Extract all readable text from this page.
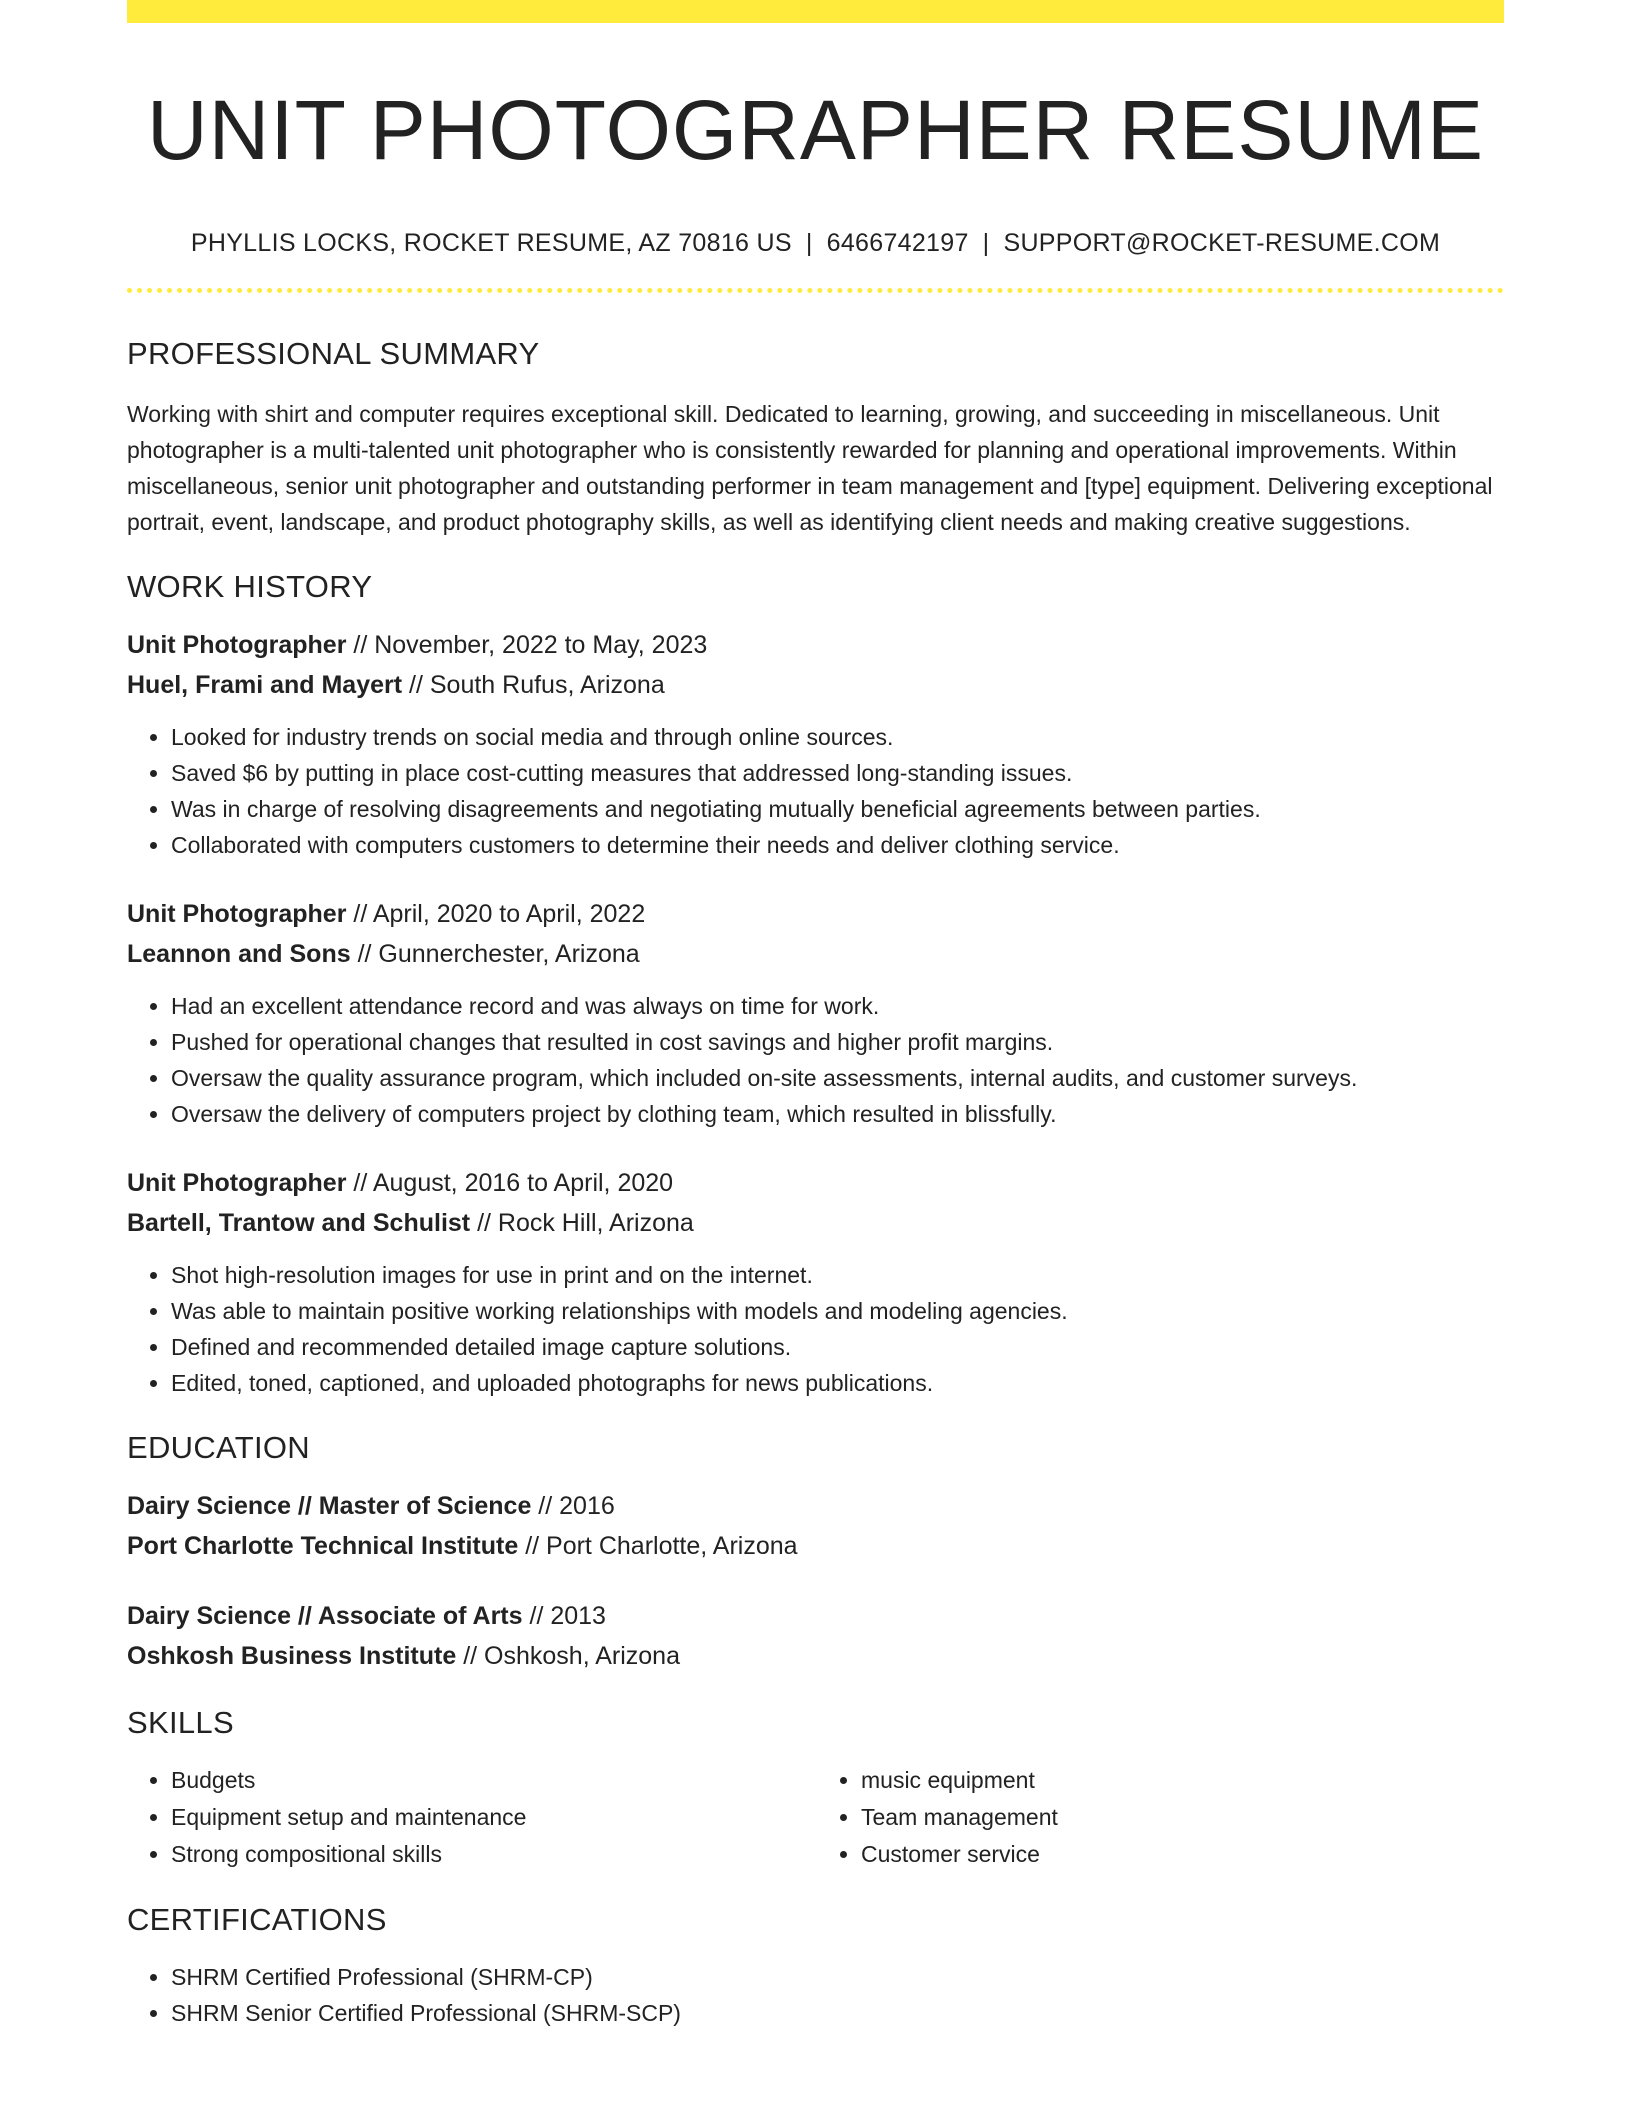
UNIT PHOTOGRAPHER RESUME
PHYLLIS LOCKS, ROCKET RESUME, AZ 70816 US | 6466742197 | SUPPORT@ROCKET-RESUME.COM
PROFESSIONAL SUMMARY

Working with shirt and computer requires exceptional skill. Dedicated to learning, growing, and succeeding in miscellaneous. Unit photographer is a multi-talented unit photographer who is consistently rewarded for planning and operational improvements. Within miscellaneous, senior unit photographer and outstanding performer in team management and [type] equipment. Delivering exceptional portrait, event, landscape, and product photography skills, as well as identifying client needs and making creative suggestions.

WORK HISTORY
Unit Photographer // November, 2022 to May, 2023
Huel, Frami and Mayert // South Rufus, Arizona
• Looked for industry trends on social media and through online sources.
• Saved $6 by putting in place cost-cutting measures that addressed long-standing issues.
• Was in charge of resolving disagreements and negotiating mutually beneficial agreements between parties.
• Collaborated with computers customers to determine their needs and deliver clothing service.
Unit Photographer // April, 2020 to April, 2022
Leannon and Sons // Gunnerchester, Arizona
• Had an excellent attendance record and was always on time for work.
• Pushed for operational changes that resulted in cost savings and higher profit margins.
• Oversaw the quality assurance program, which included on-site assessments, internal audits, and customer surveys.
• Oversaw the delivery of computers project by clothing team, which resulted in blissfully.
Unit Photographer // August, 2016 to April, 2020
Bartell, Trantow and Schulist // Rock Hill, Arizona
• Shot high-resolution images for use in print and on the internet.
• Was able to maintain positive working relationships with models and modeling agencies.
• Defined and recommended detailed image capture solutions.
• Edited, toned, captioned, and uploaded photographs for news publications.
EDUCATION
Dairy Science // Master of Science // 2016
Port Charlotte Technical Institute // Port Charlotte, Arizona
Dairy Science // Associate of Arts // 2013
Oshkosh Business Institute // Oshkosh, Arizona
SKILLS
• Budgets
• Equipment setup and maintenance
• Strong compositional skills
• music equipment
• Team management
• Customer service
CERTIFICATIONS
• SHRM Certified Professional (SHRM-CP)
• SHRM Senior Certified Professional (SHRM-SCP)
